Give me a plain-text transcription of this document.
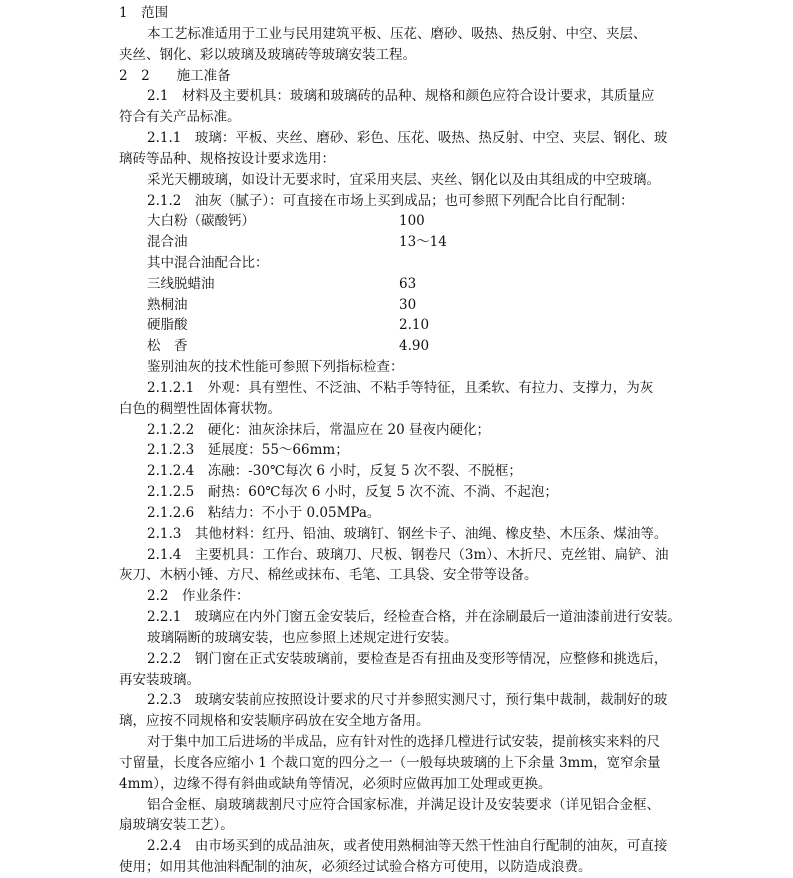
1　范围
本工艺标准适用于工业与民用建筑平板、压花、磨砂、吸热、热反射、中空、夹层、
夹丝、钢化、彩以玻璃及玻璃砖等玻璃安装工程。
2　2　　施工准备
2.1　材料及主要机具：玻璃和玻璃砖的品种、规格和颜色应符合设计要求，其质量应
符合有关产品标准。
2.1.1　玻璃：平板、夹丝、磨砂、彩色、压花、吸热、热反射、中空、夹层、钢化、玻
璃砖等品种、规格按设计要求选用：
采光天棚玻璃，如设计无要求时，宜采用夹层、夹丝、钢化以及由其组成的中空玻璃。
2.1.2　油灰（腻子）：可直接在市场上买到成品；也可参照下列配合比自行配制：
大白粉（碳酸钙）	100
混合油	13～14
其中混合油配合比：
三线脱蜡油	63
熟桐油	30
硬脂酸	2.10
松　香	4.90
鉴别油灰的技术性能可参照下列指标检查：
2.1.2.1　外观：具有塑性、不泛油、不粘手等特征，且柔软、有拉力、支撑力，为灰
白色的稠塑性固体膏状物。
2.1.2.2　硬化：油灰涂抹后，常温应在 20 昼夜内硬化；
2.1.2.3　延展度：55～66mm；
2.1.2.4　冻融：-30℃每次 6 小时，反复 5 次不裂、不脱框；
2.1.2.5　耐热：60℃每次 6 小时，反复 5 次不流、不淌、不起泡；
2.1.2.6　粘结力：不小于 0.05MPa。
2.1.3　其他材料：红丹、铅油、玻璃钉、钢丝卡子、油绳、橡皮垫、木压条、煤油等。
2.1.4　主要机具：工作台、玻璃刀、尺板、钢卷尺（3m）、木折尺、克丝钳、扁铲、油
灰刀、木柄小锤、方尺、棉丝或抹布、毛笔、工具袋、安全带等设备。
2.2　作业条件：
2.2.1　玻璃应在内外门窗五金安装后，经检查合格，并在涂刷最后一道油漆前进行安装。
玻璃隔断的玻璃安装，也应参照上述规定进行安装。
2.2.2　钢门窗在正式安装玻璃前，要检查是否有扭曲及变形等情况，应整修和挑选后，
再安装玻璃。
2.2.3　玻璃安装前应按照设计要求的尺寸并参照实测尺寸，预行集中裁制，裁制好的玻
璃，应按不同规格和安装顺序码放在安全地方备用。
对于集中加工后进场的半成品，应有针对性的选择几樘进行试安装，提前核实来料的尺
寸留量，长度各应缩小 1 个裁口宽的四分之一（一般每块玻璃的上下余量 3mm，宽窄余量
4mm），边缘不得有斜曲或缺角等情况，必须时应做再加工处理或更换。
铝合金框、扇玻璃裁割尺寸应符合国家标准，并满足设计及安装要求（详见铝合金框、
扇玻璃安装工艺）。
2.2.4　由市场买到的成品油灰，或者使用熟桐油等天然干性油自行配制的油灰，可直接
使用；如用其他油料配制的油灰，必须经过试验合格方可使用，以防造成浪费。
